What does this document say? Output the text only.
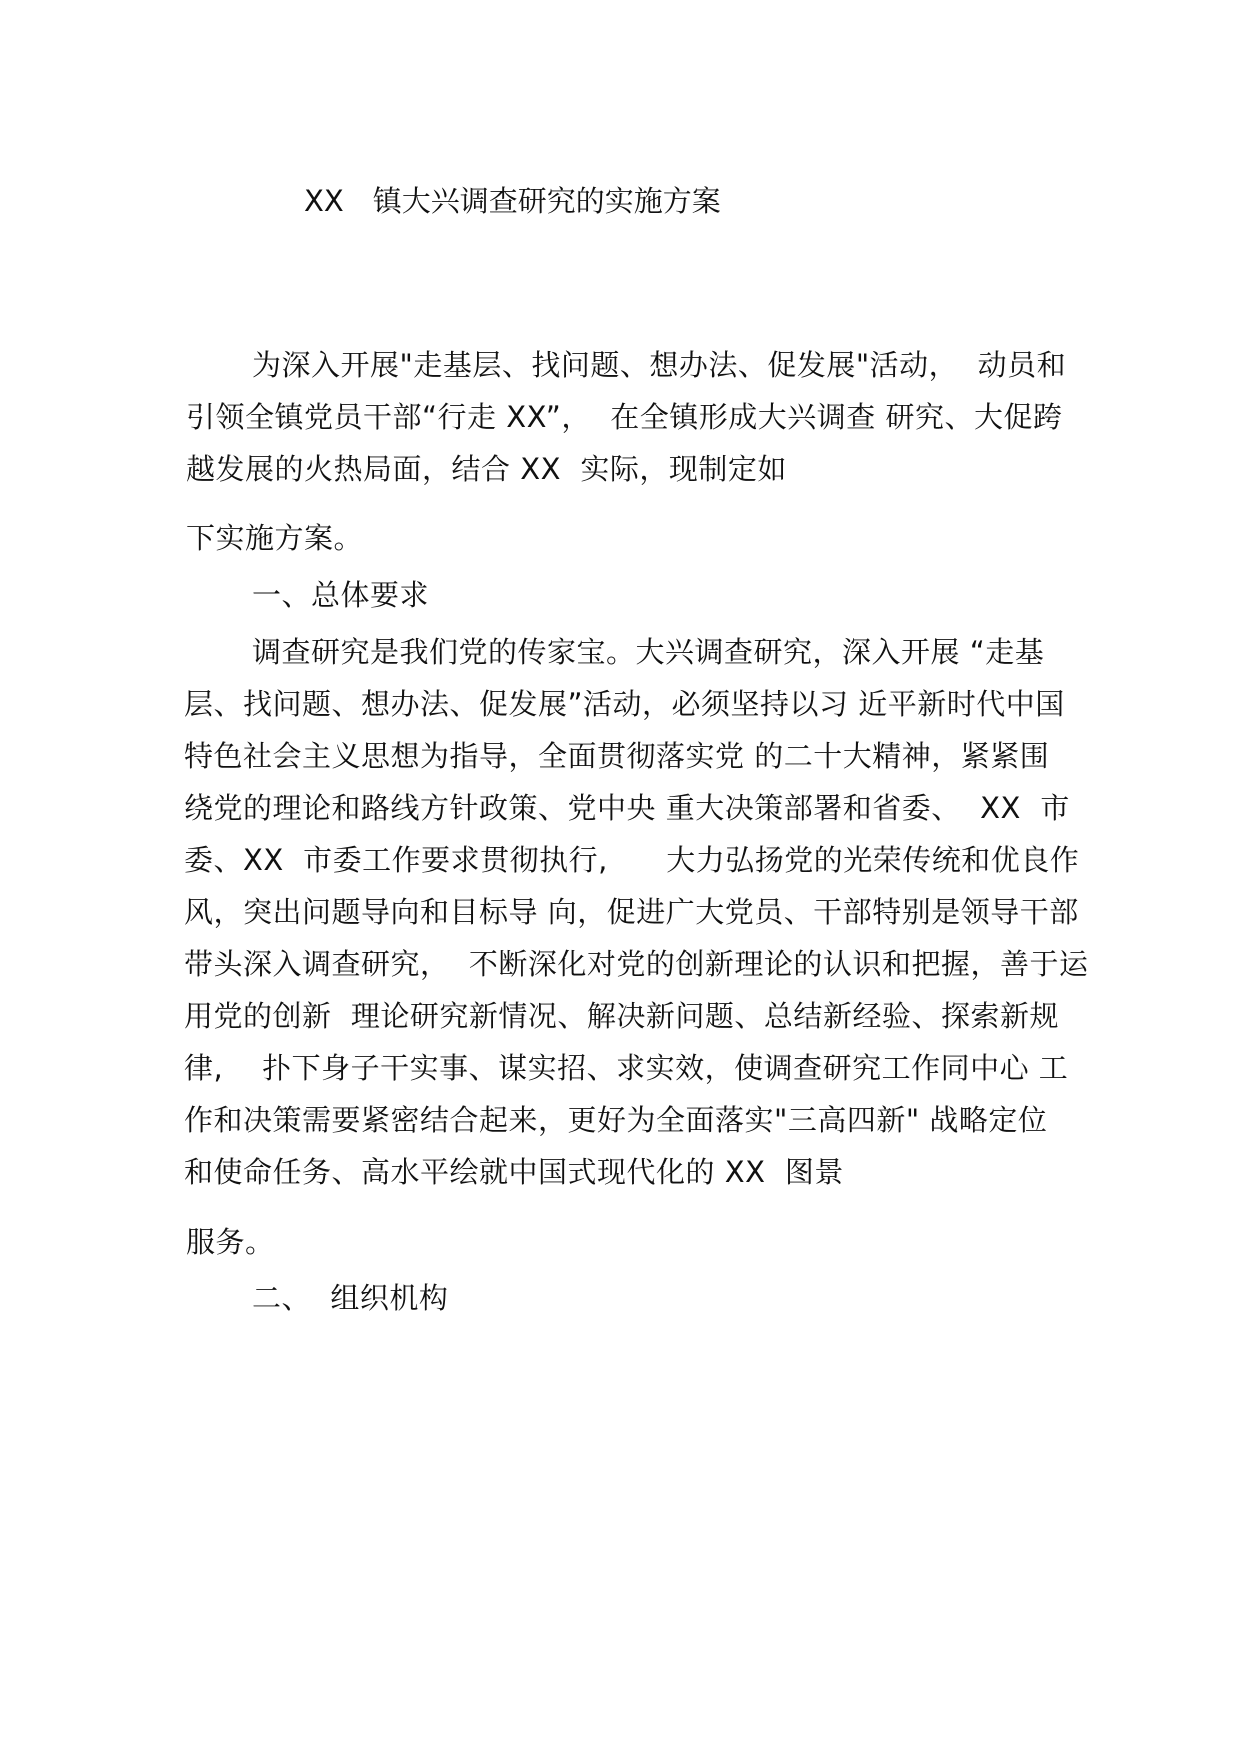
XX　镇大兴调查研究的实施方案
为深入开展"走基层、找问题、想办法、促发展"活动，  动员和
引领全镇党员干部“行走 XX”，  在全镇形成大兴调查 研究、大促跨
越发展的火热局面，结合 XX  实际，现制定如
下实施方案。
一、总体要求
调查研究是我们党的传家宝。大兴调查研究，深入开展 “走基
层、找问题、想办法、促发展”活动，必须坚持以习 近平新时代中国
特色社会主义思想为指导，全面贯彻落实党 的二十大精神，紧紧围
绕党的理论和路线方针政策、党中央 重大决策部署和省委、  XX  市
委、XX  市委工作要求贯彻执行,      大力弘扬党的光荣传统和优良作
风，突出问题导向和目标导 向，促进广大党员、干部特别是领导干部
带头深入调查研究，  不断深化对党的创新理论的认识和把握，善于运
用党的创新  理论研究新情况、解决新问题、总结新经验、探索新规
律,    扑下身子干实事、谋实招、求实效，使调查研究工作同中心 工
作和决策需要紧密结合起来，更好为全面落实"三高四新" 战略定位
和使命任务、高水平绘就中国式现代化的 XX  图景
服务。
二、  组织机构
